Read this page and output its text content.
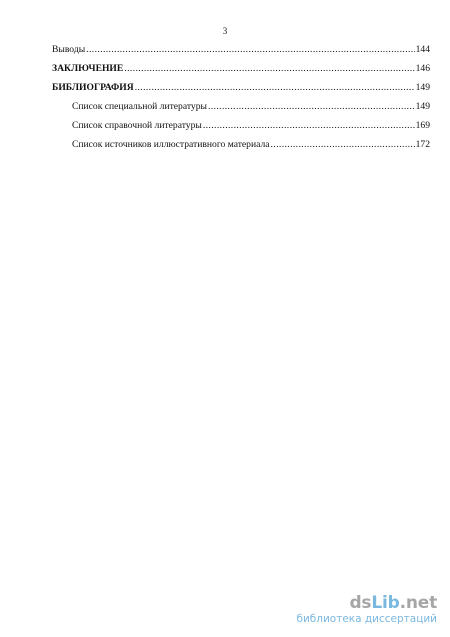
3
Выводы .....	144
ЗАКЛЮЧЕНИЕ .....	146
БИБЛИОГРАФИЯ .....	149
Список специальной литературы .....	149
Список справочной литературы .....	169
Список источников иллюстративного материала .....	172
dsLib.net
библиотека диссертаций
